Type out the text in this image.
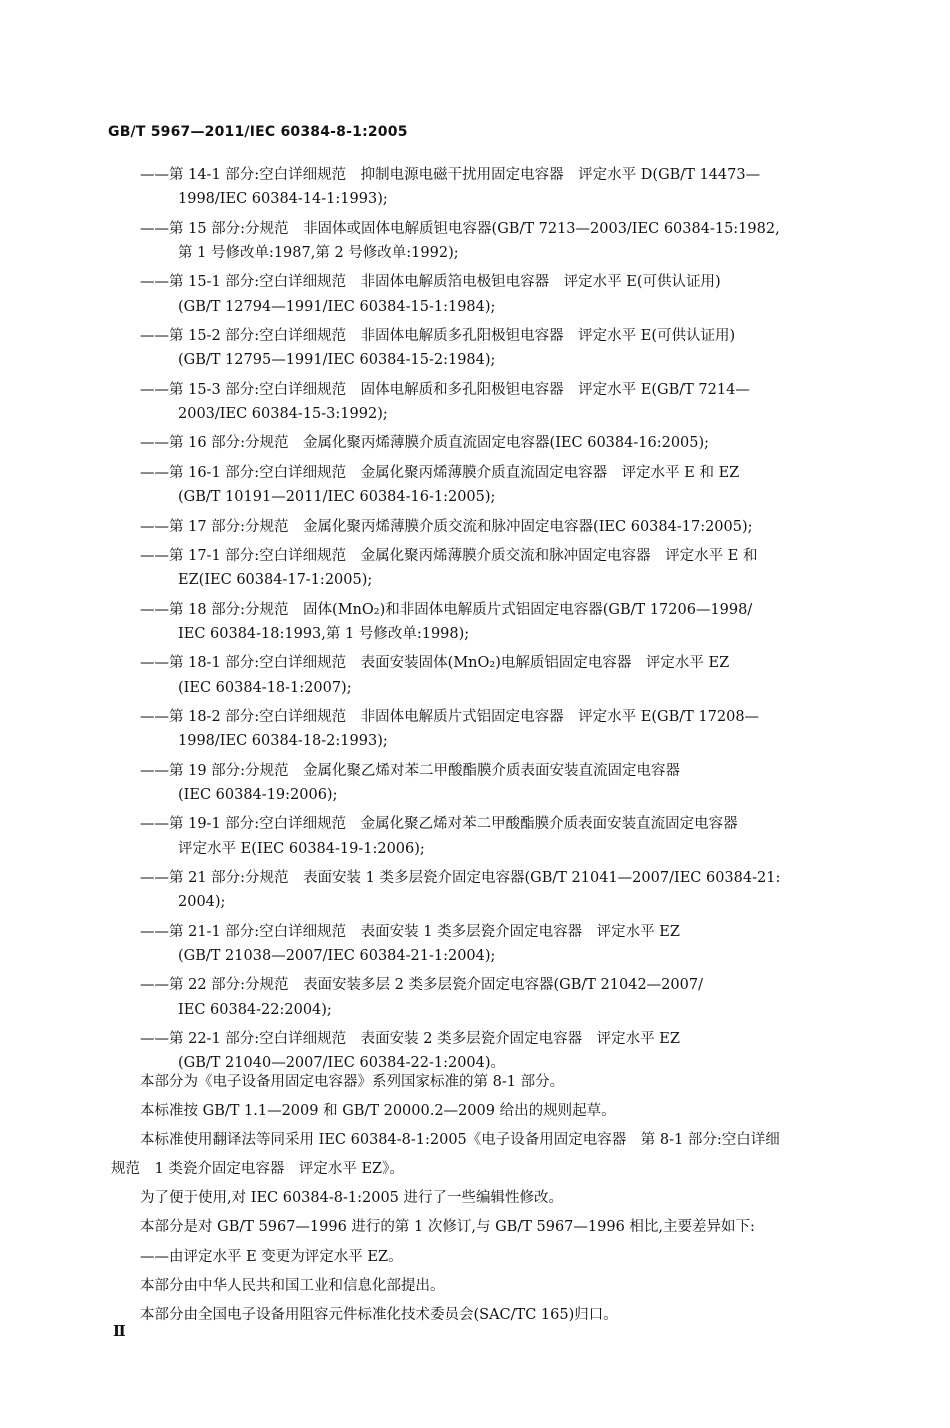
GB/T 5967—2011/IEC 60384-8-1:2005
——第 14-1 部分:空白详细规范　抑制电源电磁干扰用固定电容器　评定水平 D(GB/T 14473—
1998/IEC 60384-14-1:1993);
——第 15 部分:分规范　非固体或固体电解质钽电容器(GB/T 7213—2003/IEC 60384-15:1982,
第 1 号修改单:1987,第 2 号修改单:1992);
——第 15-1 部分:空白详细规范　非固体电解质箔电极钽电容器　评定水平 E(可供认证用)
(GB/T 12794—1991/IEC 60384-15-1:1984);
——第 15-2 部分:空白详细规范　非固体电解质多孔阳极钽电容器　评定水平 E(可供认证用)
(GB/T 12795—1991/IEC 60384-15-2:1984);
——第 15-3 部分:空白详细规范　固体电解质和多孔阳极钽电容器　评定水平 E(GB/T 7214—
2003/IEC 60384-15-3:1992);
——第 16 部分:分规范　金属化聚丙烯薄膜介质直流固定电容器(IEC 60384-16:2005);
——第 16-1 部分:空白详细规范　金属化聚丙烯薄膜介质直流固定电容器　评定水平 E 和 EZ
(GB/T 10191—2011/IEC 60384-16-1:2005);
——第 17 部分:分规范　金属化聚丙烯薄膜介质交流和脉冲固定电容器(IEC 60384-17:2005);
——第 17-1 部分:空白详细规范　金属化聚丙烯薄膜介质交流和脉冲固定电容器　评定水平 E 和
EZ(IEC 60384-17-1:2005);
——第 18 部分:分规范　固体(MnO₂)和非固体电解质片式铝固定电容器(GB/T 17206—1998/
IEC 60384-18:1993,第 1 号修改单:1998);
——第 18-1 部分:空白详细规范　表面安装固体(MnO₂)电解质铝固定电容器　评定水平 EZ
(IEC 60384-18-1:2007);
——第 18-2 部分:空白详细规范　非固体电解质片式铝固定电容器　评定水平 E(GB/T 17208—
1998/IEC 60384-18-2:1993);
——第 19 部分:分规范　金属化聚乙烯对苯二甲酸酯膜介质表面安装直流固定电容器
(IEC 60384-19:2006);
——第 19-1 部分:空白详细规范　金属化聚乙烯对苯二甲酸酯膜介质表面安装直流固定电容器
评定水平 E(IEC 60384-19-1:2006);
——第 21 部分:分规范　表面安装 1 类多层瓷介固定电容器(GB/T 21041—2007/IEC 60384-21:
2004);
——第 21-1 部分:空白详细规范　表面安装 1 类多层瓷介固定电容器　评定水平 EZ
(GB/T 21038—2007/IEC 60384-21-1:2004);
——第 22 部分:分规范　表面安装多层 2 类多层瓷介固定电容器(GB/T 21042—2007/
IEC 60384-22:2004);
——第 22-1 部分:空白详细规范　表面安装 2 类多层瓷介固定电容器　评定水平 EZ
(GB/T 21040—2007/IEC 60384-22-1:2004)。
本部分为《电子设备用固定电容器》系列国家标准的第 8-1 部分。
本标准按 GB/T 1.1—2009 和 GB/T 20000.2—2009 给出的规则起草。
本标准使用翻译法等同采用 IEC 60384-8-1:2005《电子设备用固定电容器　第 8-1 部分:空白详细
规范　1 类瓷介固定电容器　评定水平 EZ》。
为了便于使用,对 IEC 60384-8-1:2005 进行了一些编辑性修改。
本部分是对 GB/T 5967—1996 进行的第 1 次修订,与 GB/T 5967—1996 相比,主要差异如下:
——由评定水平 E 变更为评定水平 EZ。
本部分由中华人民共和国工业和信息化部提出。
本部分由全国电子设备用阻容元件标准化技术委员会(SAC/TC 165)归口。
Ⅱ
